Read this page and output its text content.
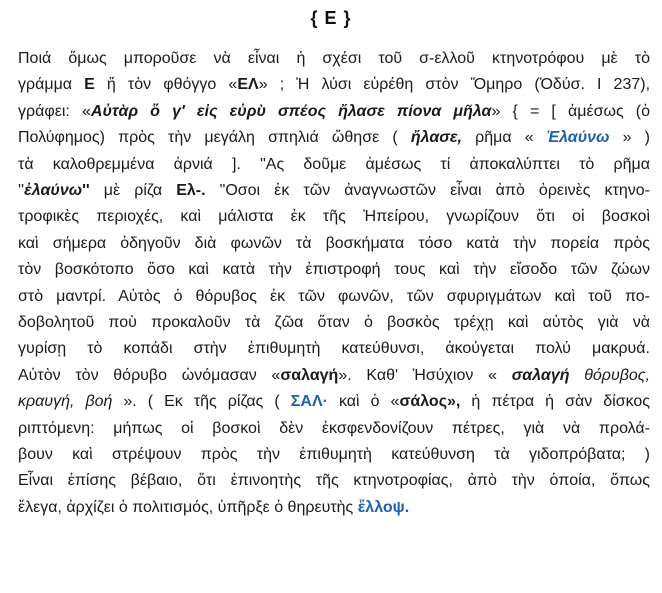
{ Ε }
Ποιά ὅμως μποροῦσε νὰ εἶναι ἡ σχέσι τοῦ σ-ελλοῦ κτηνοτρόφου μὲ τὸ
γράμμα Ε ἤ τὸν φθόγγο «ΕΛ» ; Ἡ λύσι εὑρέθη στὸν Ὅμηρο (Ὀδύσ. Ι 237),
γράφει: «Αὐτὰρ ὅ γ' εἰς εὐρὺ σπέος ἤλασε πίονα μῆλα» { = [ ἀμέσως (ὁ
Πολύφημος) πρὸς τὴν μεγάλη σπηλιά ὤθησε ( ἤλασε, ρῆμα « Ἐλαύνω » )
τὰ καλοθρεμμένα ἀρνιά ]. "Ας δοῦμε ἀμέσως τί ἀποκαλύπτει τὸ ρῆμα
''ἐλαύνω'' μὲ ρίζα Ελ-. "Οσοι ἐκ τῶν ἀναγνωστῶν εἶναι ἀπὸ ὀρεινὲς κτηνο-
τροφικὲς περιοχές, καὶ μάλιστα ἐκ τῆς Ἠπείρου, γνωρίζουν ὅτι οἱ βοσκοὶ
καὶ σήμερα ὁδηγοῦν διὰ φωνῶν τὰ βοσκήματα τόσο κατὰ τὴν πορεία πρὸς
τὸν βοσκότοπο ὅσο καὶ κατὰ τὴν ἐπιστροφή τους καὶ τὴν εἴσοδο τῶν ζώων
στὸ μαντρί. Αὐτὸς ὁ θόρυβος ἐκ τῶν φωνῶν, τῶν σφυριγμάτων καὶ τοῦ πο-
δοβολητοῦ ποὺ προκαλοῦν τὰ ζῶα ὅταν ὁ βοσκὸς τρέχῃ καὶ αὐτὸς γιὰ νὰ
γυρίσῃ τὸ κοπάδι στὴν ἐπιθυμητὴ κατεύθυνσι, ἀκούγεται πολύ μακρυά.
Αὐτὸν τὸν θόρυβο ὠνόμασαν «σαλαγή». Καθ' Ἡσύχιον « σαλαγή θόρυβος,
κραυγή, βοή ». ( Εκ τῆς ρίζας ( ΣΑΛ· καὶ ὁ «σάλος», ἡ πέτρα ἡ σὰν δίσκος
ριπτόμενη: μήπως οἱ βοσκοὶ δὲν ἐκσφενδονίζουν πέτρες, γιὰ νὰ προλά-
βουν καὶ στρέψουν πρὸς τὴν ἐπιθυμητὴ κατεύθυνση τὰ γιδοπρόβατα; )
Εἶναι ἐπίσης βέβαιο, ὅτι ἐπινοητὴς τῆς κτηνοτροφίας, ἀπὸ τὴν ὁποία, ὅπως
ἔλεγα, ἀρχίζει ὁ πολιτισμός, ὑπῆρξε ὁ θηρευτὴς ἔλλοψ.
